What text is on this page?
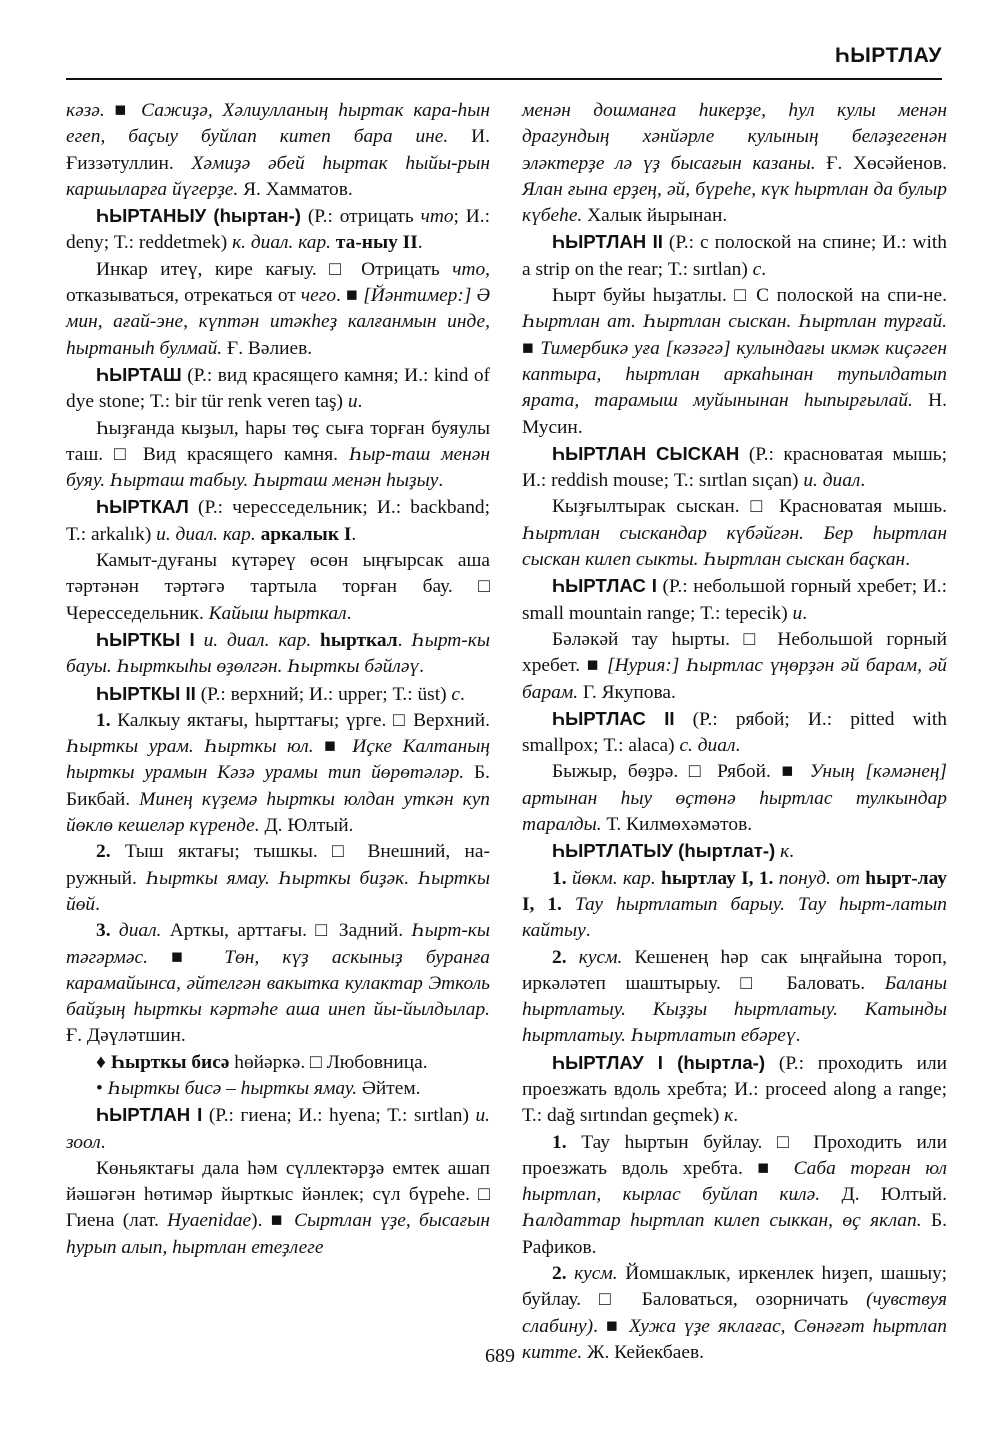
ҺЫРТЛАУ

кәзә. ■ Сажиҙә, Хәлиулланың һыртак кара-һын егеп, баҫыу буйлап китеп бара ине. И. Ғиззәтуллин. Хәмиҙә әбей һыртак һыйы-рын каршыларға йүгерҙе. Я. Хамматов.

ҺЫРТАНЫУ (һыртан-) (Р.: отрицать что; И.: deny; Т.: reddetmek) к. диал. кар. та-ныу II.

Инкар итеү, кире кағыу. □ Отрицать что, отказываться, отрекаться от чего. ■ [Йәнтимер:] Ә мин, ағай-эне, күптән итәкһеҙ калғанмын инде, һыртаныһ булмай. Ғ. Вәлиев.

ҺЫРТАШ (Р.: вид красящего камня; И.: kind of dye stone; Т.: bir tür renk veren taş) и.

Һыҙғанда кыҙыл, һары төҫ сыға торған буяулы таш. □ Вид красящего камня. Һыр-таш менән буяу. Һырташ табыу. Һырташ менән һыҙыу.

ҺЫРТКАЛ (Р.: чересседельник; И.: backband; Т.: arkalık) и. диал. кар. аркалык I.

Камыт-дуғаны күтәреү өсөн ыңғырсак аша тәртәнән тәртәгә тартыла торған бау. □ Чересседельник. Кайыш һырткал.

ҺЫРТКЫ I и. диал. кар. һырткал. Һырт-кы бауы. Һырткыһы өҙөлгән. Һырткы бәйләү.

ҺЫРТКЫ II (Р.: верхний; И.: upper; Т.: üst) с.

1. Калкыу яктағы, һырттағы; үрге. □ Верхний. Һырткы урам. Һырткы юл. ■ Иҫке Калтаның һырткы урамын Кәзә урамы тип йөрөтәләр. Б. Бикбай. Минең күҙемә һырткы юлдан уткән куп йөклө кешеләр күренде. Д. Юлтый.

2. Тыш яктағы; тышкы. □ Внешний, на-ружный. Һырткы ямау. Һырткы биҙәк. Һырткы йөй.

3. диал. Арткы, арттағы. □ Задний. Һырт-кы тәгәрмәс. ■ Төн, күҙ аскыныҙ буранға карамайынса, әйтелгән вакытка кулактар Этколь байҙың һырткы кәртәһе аша инеп йы-йылдылар. Ғ. Дәүләтшин.

♦ Һырткы бисә һөйәркә. □ Любовница.

• Һырткы бисә – һырткы ямау. Әйтем.

ҺЫРТЛАН I (Р.: гиена; И.: hyena; Т.: sırtlan) и. зоол.

Көньяктағы дала һәм сүллектәрҙә емтек ашап йәшәгән һөтимәр йырткыс йәнлек; сүл бүреһе. □ Гиена (лат. Hyaenidae). ■ Сыртлан үҙе, бысағын һурып алып, һыртлан етеҙлеге

менән дошманға һикерҙе, һул кулы менән драгундың хәнйәрле кулының беләҙегенән эләктерҙе лә үҙ бысағын казаны. Ғ. Хөсәйенов. Ялан ғына ерҙең, әй, бүреһе, күк һыртлан да булыр күбеһе. Халык йырынан.

ҺЫРТЛАН II (Р.: с полоской на спине; И.: with a strip on the rear; Т.: sırtlan) с.

Һырт буйы һыҙатлы. □ С полоской на спи-не. Һыртлан ат. Һыртлан сыскан. Һыртлан турғай. ■ Тимербикә уға [кәзәгә] кулындағы икмәк киҫәген каптыра, һыртлан аркаһынан тупылдатып ярата, тарамыш муйынынан һыпырғылай. Н. Мусин.

ҺЫРТЛАН СЫСКАН (Р.: красноватая мышь; И.: reddish mouse; Т.: sırtlan sıçan) и. диал.

Кыҙғылтырак сыскан. □ Красноватая мышь. Һыртлан сыскандар күбәйгән. Бер һыртлан сыскан килеп сыкты. Һыртлан сыскан баҫкан.

ҺЫРТЛАС I (Р.: небольшой горный хребет; И.: small mountain range; Т.: tepecik) и.

Бәләкәй тау һырты. □ Небольшой горный хребет. ■ [Нурия:] Һыртлас үңөрҙән әй барам, әй барам. Г. Якупова.

ҺЫРТЛАС II (Р.: рябой; И.: pitted with smallpox; Т.: alaca) с. диал.

Быжыр, бөҙрә. □ Рябой. ■ Уның [кәмәнең] артынан һыу өҫтөнә һыртлас тулкындар таралды. Т. Килмөхәмәтов.

ҺЫРТЛАТЫУ (һыртлат-) к.

1. йөкм. кар. һыртлау I, 1. понуд. от һырт-лау I, 1. Тау һыртлатып барыу. Тау һырт-латып кайтыу.

2. кусм. Кешенең һәр сак ыңғайына тороп, иркәләтеп шаштырыу. □ Баловать. Баланы һыртлатыу. Кыҙҙы һыртлатыу. Катынды һыртлатыу. Һыртлатып ебәреү.

ҺЫРТЛАУ I (һыртла-) (Р.: проходить или проезжать вдоль хребта; И.: proceed along a range; Т.: dağ sırtından geçmek) к.

1. Тау һыртын буйлау. □ Проходить или проезжать вдоль хребта. ■ Саба торған юл һыртлап, кырлас буйлап килә. Д. Юлтый. Һалдаттар һыртлап килеп сыккан, өҫ яклап. Б. Рафиков.

2. кусм. Йомшаклык, иркенлек һиҙеп, шашыу; буйлау. □ Баловаться, озорничать (чувствуя слабину). ■ Хужа үҙе яклағас, Сөнәғәт һыртлап китте. Ж. Кейекбаев.

689
